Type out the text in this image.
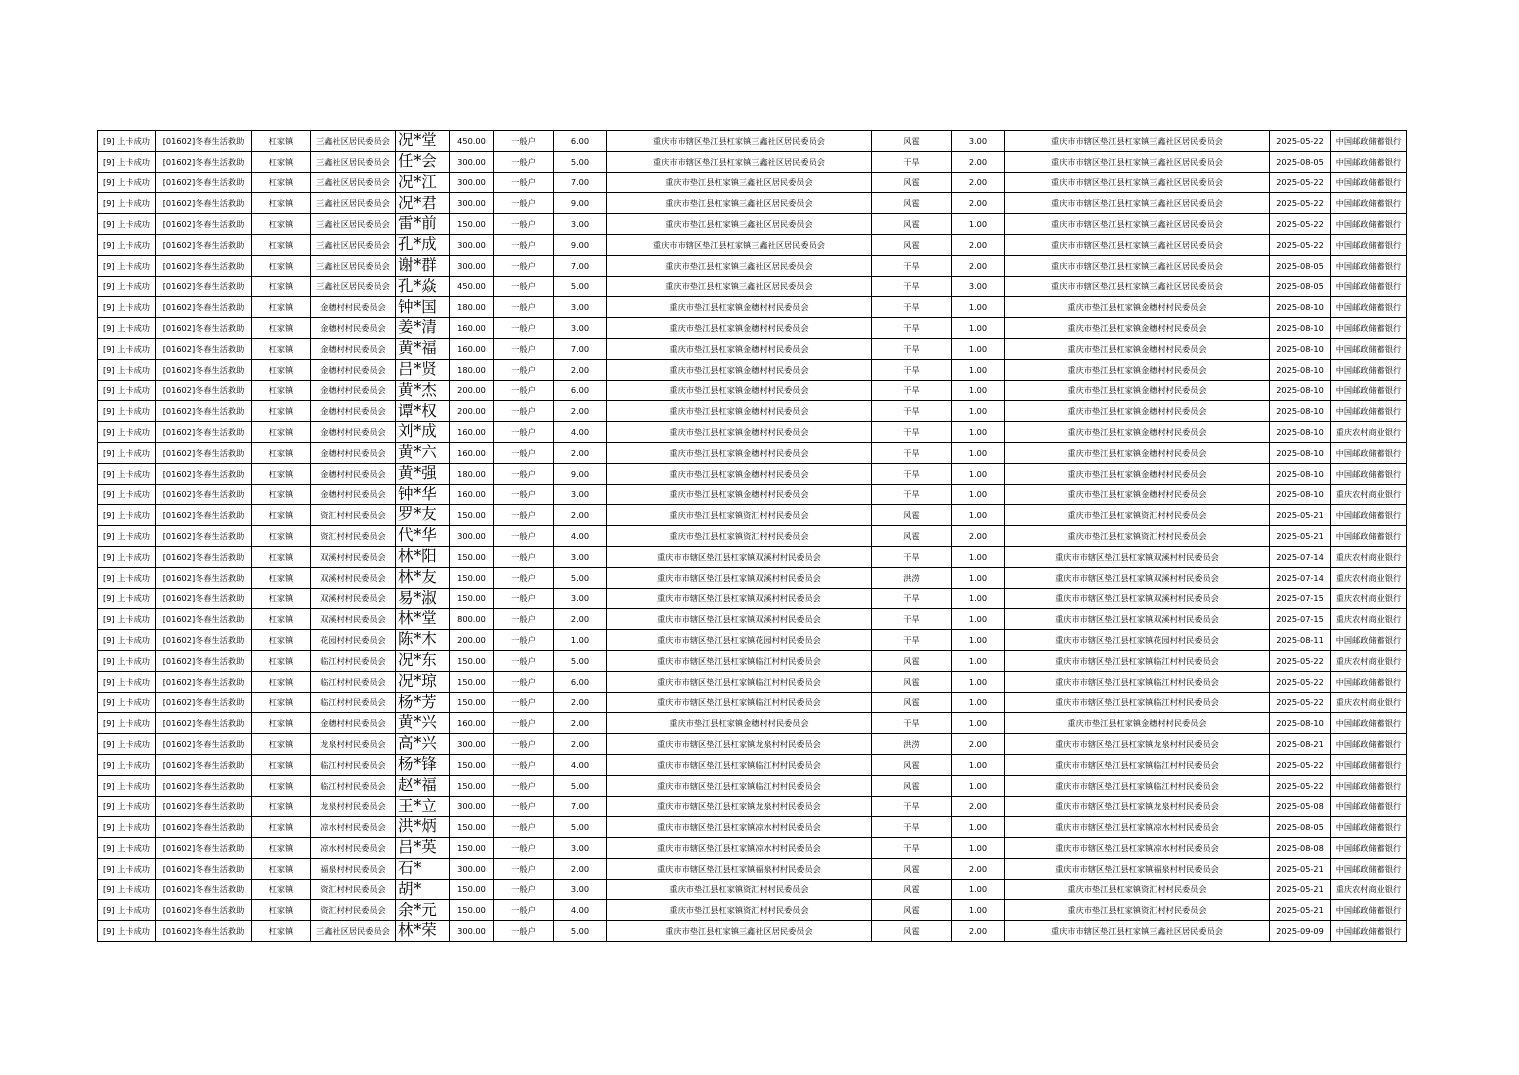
[9] 上卡成功	[01602]冬春生活救助	杠家镇	三鑫社区居民委员会	况*堂	450.00	一般户	6.00	重庆市市辖区垫江县杠家镇三鑫社区居民委员会	风雹	3.00	重庆市市辖区垫江县杠家镇三鑫社区居民委员会	2025-05-22	中国邮政储蓄银行
[9] 上卡成功	[01602]冬春生活救助	杠家镇	三鑫社区居民委员会	任*会	300.00	一般户	5.00	重庆市市辖区垫江县杠家镇三鑫社区居民委员会	干旱	2.00	重庆市市辖区垫江县杠家镇三鑫社区居民委员会	2025-08-05	中国邮政储蓄银行
[9] 上卡成功	[01602]冬春生活救助	杠家镇	三鑫社区居民委员会	况*江	300.00	一般户	7.00	重庆市垫江县杠家镇三鑫社区居民委员会	风雹	2.00	重庆市市辖区垫江县杠家镇三鑫社区居民委员会	2025-05-22	中国邮政储蓄银行
[9] 上卡成功	[01602]冬春生活救助	杠家镇	三鑫社区居民委员会	况*君	300.00	一般户	9.00	重庆市垫江县杠家镇三鑫社区居民委员会	风雹	2.00	重庆市市辖区垫江县杠家镇三鑫社区居民委员会	2025-05-22	中国邮政储蓄银行
[9] 上卡成功	[01602]冬春生活救助	杠家镇	三鑫社区居民委员会	雷*前	150.00	一般户	3.00	重庆市垫江县杠家镇三鑫社区居民委员会	风雹	1.00	重庆市市辖区垫江县杠家镇三鑫社区居民委员会	2025-05-22	中国邮政储蓄银行
[9] 上卡成功	[01602]冬春生活救助	杠家镇	三鑫社区居民委员会	孔*成	300.00	一般户	9.00	重庆市市辖区垫江县杠家镇三鑫社区居民委员会	风雹	2.00	重庆市市辖区垫江县杠家镇三鑫社区居民委员会	2025-05-22	中国邮政储蓄银行
[9] 上卡成功	[01602]冬春生活救助	杠家镇	三鑫社区居民委员会	谢*群	300.00	一般户	7.00	重庆市垫江县杠家镇三鑫社区居民委员会	干旱	2.00	重庆市市辖区垫江县杠家镇三鑫社区居民委员会	2025-08-05	中国邮政储蓄银行
[9] 上卡成功	[01602]冬春生活救助	杠家镇	三鑫社区居民委员会	孔*焱	450.00	一般户	5.00	重庆市垫江县杠家镇三鑫社区居民委员会	干旱	3.00	重庆市市辖区垫江县杠家镇三鑫社区居民委员会	2025-08-05	中国邮政储蓄银行
[9] 上卡成功	[01602]冬春生活救助	杠家镇	金穗村村民委员会	钟*国	180.00	一般户	3.00	重庆市垫江县杠家镇金穗村村民委员会	干旱	1.00	重庆市垫江县杠家镇金穗村村民委员会	2025-08-10	中国邮政储蓄银行
[9] 上卡成功	[01602]冬春生活救助	杠家镇	金穗村村民委员会	姜*清	160.00	一般户	3.00	重庆市垫江县杠家镇金穗村村民委员会	干旱	1.00	重庆市垫江县杠家镇金穗村村民委员会	2025-08-10	中国邮政储蓄银行
[9] 上卡成功	[01602]冬春生活救助	杠家镇	金穗村村民委员会	黄*福	160.00	一般户	7.00	重庆市垫江县杠家镇金穗村村民委员会	干旱	1.00	重庆市垫江县杠家镇金穗村村民委员会	2025-08-10	中国邮政储蓄银行
[9] 上卡成功	[01602]冬春生活救助	杠家镇	金穗村村民委员会	吕*贤	180.00	一般户	2.00	重庆市垫江县杠家镇金穗村村民委员会	干旱	1.00	重庆市垫江县杠家镇金穗村村民委员会	2025-08-10	中国邮政储蓄银行
[9] 上卡成功	[01602]冬春生活救助	杠家镇	金穗村村民委员会	黄*杰	200.00	一般户	6.00	重庆市垫江县杠家镇金穗村村民委员会	干旱	1.00	重庆市垫江县杠家镇金穗村村民委员会	2025-08-10	中国邮政储蓄银行
[9] 上卡成功	[01602]冬春生活救助	杠家镇	金穗村村民委员会	谭*权	200.00	一般户	2.00	重庆市垫江县杠家镇金穗村村民委员会	干旱	1.00	重庆市垫江县杠家镇金穗村村民委员会	2025-08-10	中国邮政储蓄银行
[9] 上卡成功	[01602]冬春生活救助	杠家镇	金穗村村民委员会	刘*成	160.00	一般户	4.00	重庆市垫江县杠家镇金穗村村民委员会	干旱	1.00	重庆市垫江县杠家镇金穗村村民委员会	2025-08-10	重庆农村商业银行
[9] 上卡成功	[01602]冬春生活救助	杠家镇	金穗村村民委员会	黄*六	160.00	一般户	2.00	重庆市垫江县杠家镇金穗村村民委员会	干旱	1.00	重庆市垫江县杠家镇金穗村村民委员会	2025-08-10	中国邮政储蓄银行
[9] 上卡成功	[01602]冬春生活救助	杠家镇	金穗村村民委员会	黄*强	180.00	一般户	9.00	重庆市垫江县杠家镇金穗村村民委员会	干旱	1.00	重庆市垫江县杠家镇金穗村村民委员会	2025-08-10	中国邮政储蓄银行
[9] 上卡成功	[01602]冬春生活救助	杠家镇	金穗村村民委员会	钟*华	160.00	一般户	3.00	重庆市垫江县杠家镇金穗村村民委员会	干旱	1.00	重庆市垫江县杠家镇金穗村村民委员会	2025-08-10	重庆农村商业银行
[9] 上卡成功	[01602]冬春生活救助	杠家镇	资汇村村民委员会	罗*友	150.00	一般户	2.00	重庆市垫江县杠家镇资汇村村民委员会	风雹	1.00	重庆市垫江县杠家镇资汇村村民委员会	2025-05-21	中国邮政储蓄银行
[9] 上卡成功	[01602]冬春生活救助	杠家镇	资汇村村民委员会	代*华	300.00	一般户	4.00	重庆市垫江县杠家镇资汇村村民委员会	风雹	2.00	重庆市垫江县杠家镇资汇村村民委员会	2025-05-21	中国邮政储蓄银行
[9] 上卡成功	[01602]冬春生活救助	杠家镇	双溪村村民委员会	林*阳	150.00	一般户	3.00	重庆市市辖区垫江县杠家镇双溪村村民委员会	干旱	1.00	重庆市市辖区垫江县杠家镇双溪村村民委员会	2025-07-14	重庆农村商业银行
[9] 上卡成功	[01602]冬春生活救助	杠家镇	双溪村村民委员会	林*友	150.00	一般户	5.00	重庆市市辖区垫江县杠家镇双溪村村民委员会	洪涝	1.00	重庆市市辖区垫江县杠家镇双溪村村民委员会	2025-07-14	重庆农村商业银行
[9] 上卡成功	[01602]冬春生活救助	杠家镇	双溪村村民委员会	易*淑	150.00	一般户	3.00	重庆市市辖区垫江县杠家镇双溪村村民委员会	干旱	1.00	重庆市市辖区垫江县杠家镇双溪村村民委员会	2025-07-15	重庆农村商业银行
[9] 上卡成功	[01602]冬春生活救助	杠家镇	双溪村村民委员会	林*堂	800.00	一般户	2.00	重庆市市辖区垫江县杠家镇双溪村村民委员会	干旱	1.00	重庆市市辖区垫江县杠家镇双溪村村民委员会	2025-07-15	重庆农村商业银行
[9] 上卡成功	[01602]冬春生活救助	杠家镇	花园村村民委员会	陈*木	200.00	一般户	1.00	重庆市市辖区垫江县杠家镇花园村村民委员会	干旱	1.00	重庆市市辖区垫江县杠家镇花园村村民委员会	2025-08-11	中国邮政储蓄银行
[9] 上卡成功	[01602]冬春生活救助	杠家镇	临江村村民委员会	况*东	150.00	一般户	5.00	重庆市市辖区垫江县杠家镇临江村村民委员会	风雹	1.00	重庆市市辖区垫江县杠家镇临江村村民委员会	2025-05-22	重庆农村商业银行
[9] 上卡成功	[01602]冬春生活救助	杠家镇	临江村村民委员会	况*琼	150.00	一般户	6.00	重庆市市辖区垫江县杠家镇临江村村民委员会	风雹	1.00	重庆市市辖区垫江县杠家镇临江村村民委员会	2025-05-22	中国邮政储蓄银行
[9] 上卡成功	[01602]冬春生活救助	杠家镇	临江村村民委员会	杨*芳	150.00	一般户	2.00	重庆市市辖区垫江县杠家镇临江村村民委员会	风雹	1.00	重庆市市辖区垫江县杠家镇临江村村民委员会	2025-05-22	重庆农村商业银行
[9] 上卡成功	[01602]冬春生活救助	杠家镇	金穗村村民委员会	黄*兴	160.00	一般户	2.00	重庆市垫江县杠家镇金穗村村民委员会	干旱	1.00	重庆市垫江县杠家镇金穗村村民委员会	2025-08-10	中国邮政储蓄银行
[9] 上卡成功	[01602]冬春生活救助	杠家镇	龙泉村村民委员会	高*兴	300.00	一般户	2.00	重庆市市辖区垫江县杠家镇龙泉村村民委员会	洪涝	2.00	重庆市市辖区垫江县杠家镇龙泉村村民委员会	2025-08-21	中国邮政储蓄银行
[9] 上卡成功	[01602]冬春生活救助	杠家镇	临江村村民委员会	杨*锋	150.00	一般户	4.00	重庆市市辖区垫江县杠家镇临江村村民委员会	风雹	1.00	重庆市市辖区垫江县杠家镇临江村村民委员会	2025-05-22	中国邮政储蓄银行
[9] 上卡成功	[01602]冬春生活救助	杠家镇	临江村村民委员会	赵*福	150.00	一般户	5.00	重庆市市辖区垫江县杠家镇临江村村民委员会	风雹	1.00	重庆市市辖区垫江县杠家镇临江村村民委员会	2025-05-22	中国邮政储蓄银行
[9] 上卡成功	[01602]冬春生活救助	杠家镇	龙泉村村民委员会	王*立	300.00	一般户	7.00	重庆市市辖区垫江县杠家镇龙泉村村民委员会	干旱	2.00	重庆市市辖区垫江县杠家镇龙泉村村民委员会	2025-05-08	中国邮政储蓄银行
[9] 上卡成功	[01602]冬春生活救助	杠家镇	凉水村村民委员会	洪*炳	150.00	一般户	5.00	重庆市市辖区垫江县杠家镇凉水村村民委员会	干旱	1.00	重庆市市辖区垫江县杠家镇凉水村村民委员会	2025-08-05	中国邮政储蓄银行
[9] 上卡成功	[01602]冬春生活救助	杠家镇	凉水村村民委员会	吕*英	150.00	一般户	3.00	重庆市市辖区垫江县杠家镇凉水村村民委员会	干旱	1.00	重庆市市辖区垫江县杠家镇凉水村村民委员会	2025-08-08	中国邮政储蓄银行
[9] 上卡成功	[01602]冬春生活救助	杠家镇	福泉村村民委员会	石*	300.00	一般户	2.00	重庆市市辖区垫江县杠家镇福泉村村民委员会	风雹	2.00	重庆市市辖区垫江县杠家镇福泉村村民委员会	2025-05-21	中国邮政储蓄银行
[9] 上卡成功	[01602]冬春生活救助	杠家镇	资汇村村民委员会	胡*	150.00	一般户	3.00	重庆市垫江县杠家镇资汇村村民委员会	风雹	1.00	重庆市垫江县杠家镇资汇村村民委员会	2025-05-21	重庆农村商业银行
[9] 上卡成功	[01602]冬春生活救助	杠家镇	资汇村村民委员会	余*元	150.00	一般户	4.00	重庆市垫江县杠家镇资汇村村民委员会	风雹	1.00	重庆市垫江县杠家镇资汇村村民委员会	2025-05-21	中国邮政储蓄银行
[9] 上卡成功	[01602]冬春生活救助	杠家镇	三鑫社区居民委员会	林*荣	300.00	一般户	5.00	重庆市垫江县杠家镇三鑫社区居民委员会	风雹	2.00	重庆市市辖区垫江县杠家镇三鑫社区居民委员会	2025-09-09	中国邮政储蓄银行
